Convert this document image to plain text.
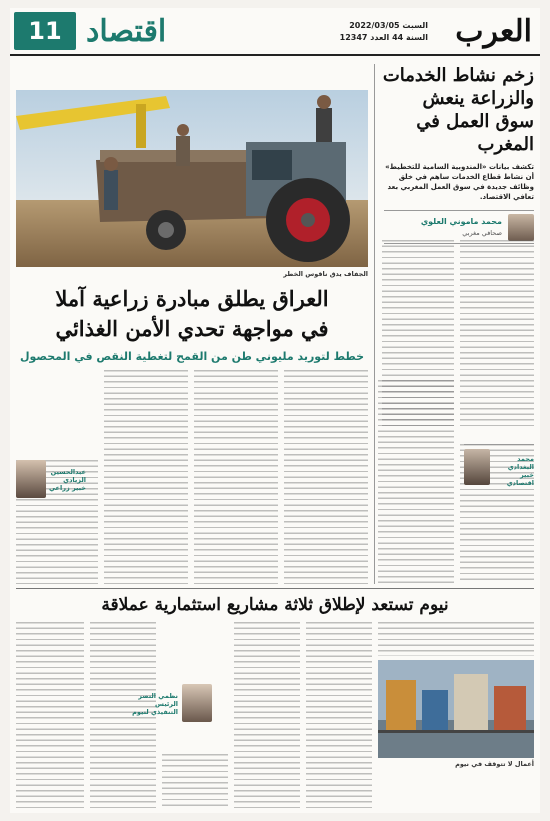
العرب
السبت 2022/03/05
السنة 44 العدد 12347
اقتصاد
11
زخم نشاط الخدمات والزراعة ينعش سوق العمل في المغرب
تكشف بيانات «المندوبية السامية للتخطيط» أن نشاط قطاع الخدمات ساهم في خلق وظائف جديدة في سوق العمل المغربي بعد تعافي الاقتصاد.
محمد ماموني العلوي
صحافي مغربي
الجفاف يدق ناقوس الخطر
العراق يطلق مبادرة زراعية آملا
في مواجهة تحدي الأمن الغذائي
خطط لتوريد مليوني طن من القمح لتغطية النقص في المحصول
عبدالحسين الزيادي خبير زراعي
محمد البغدادي خبير اقتصادي
نيوم تستعد لإطلاق ثلاثة مشاريع استثمارية عملاقة
نظمي النصر الرئيس التنفيذي لنيوم
أعمال لا تتوقف في نيوم
